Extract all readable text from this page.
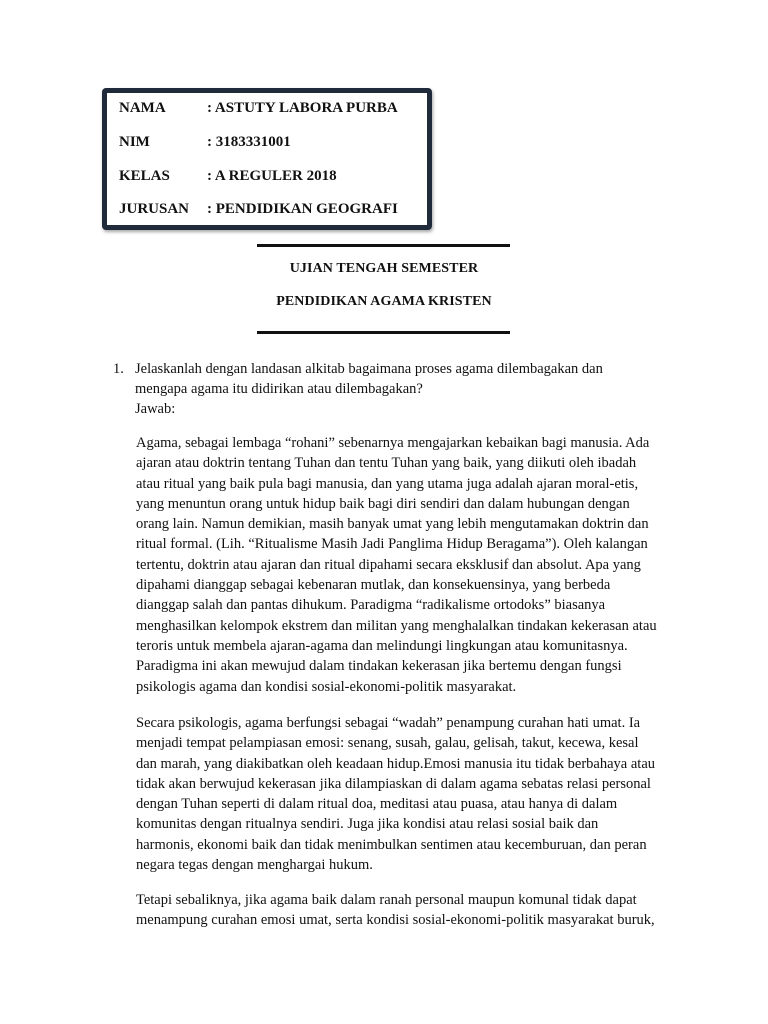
NAMA	: ASTUTY LABORA PURBA
NIM	: 3183331001
KELAS : A REGULER 2018
JURUSAN : PENDIDIKAN GEOGRAFI
UJIAN TENGAH SEMESTER
PENDIDIKAN AGAMA KRISTEN
1. Jelaskanlah dengan landasan alkitab bagaimana proses agama dilembagakan dan
mengapa agama itu didirikan atau dilembagakan?
Jawab:
Agama, sebagai lembaga “rohani” sebenarnya mengajarkan kebaikan bagi manusia. Ada
ajaran atau doktrin tentang Tuhan dan tentu Tuhan yang baik, yang diikuti oleh ibadah
atau ritual yang baik pula bagi manusia, dan yang utama juga adalah ajaran moral-etis,
yang menuntun orang untuk hidup baik bagi diri sendiri dan dalam hubungan dengan
orang lain. Namun demikian, masih banyak umat yang lebih mengutamakan doktrin dan
ritual formal. (Lih. “Ritualisme Masih Jadi Panglima Hidup Beragama”). Oleh kalangan
tertentu, doktrin atau ajaran dan ritual dipahami secara eksklusif dan absolut. Apa yang
dipahami dianggap sebagai kebenaran mutlak, dan konsekuensinya, yang berbeda
dianggap salah dan pantas dihukum. Paradigma “radikalisme ortodoks” biasanya
menghasilkan kelompok ekstrem dan militan yang menghalalkan tindakan kekerasan atau
teroris untuk membela ajaran-agama dan melindungi lingkungan atau komunitasnya.
Paradigma ini akan mewujud dalam tindakan kekerasan jika bertemu dengan fungsi
psikologis agama dan kondisi sosial-ekonomi-politik masyarakat.
Secara psikologis, agama berfungsi sebagai “wadah” penampung curahan hati umat. Ia
menjadi tempat pelampiasan emosi: senang, susah, galau, gelisah, takut, kecewa, kesal
dan marah, yang diakibatkan oleh keadaan hidup.Emosi manusia itu tidak berbahaya atau
tidak akan berwujud kekerasan jika dilampiaskan di dalam agama sebatas relasi personal
dengan Tuhan seperti di dalam ritual doa, meditasi atau puasa, atau hanya di dalam
komunitas dengan ritualnya sendiri. Juga jika kondisi atau relasi sosial baik dan
harmonis, ekonomi baik dan tidak menimbulkan sentimen atau kecemburuan, dan peran
negara tegas dengan menghargai hukum.
Tetapi sebaliknya, jika agama baik dalam ranah personal maupun komunal tidak dapat
menampung curahan emosi umat, serta kondisi sosial-ekonomi-politik masyarakat buruk,
